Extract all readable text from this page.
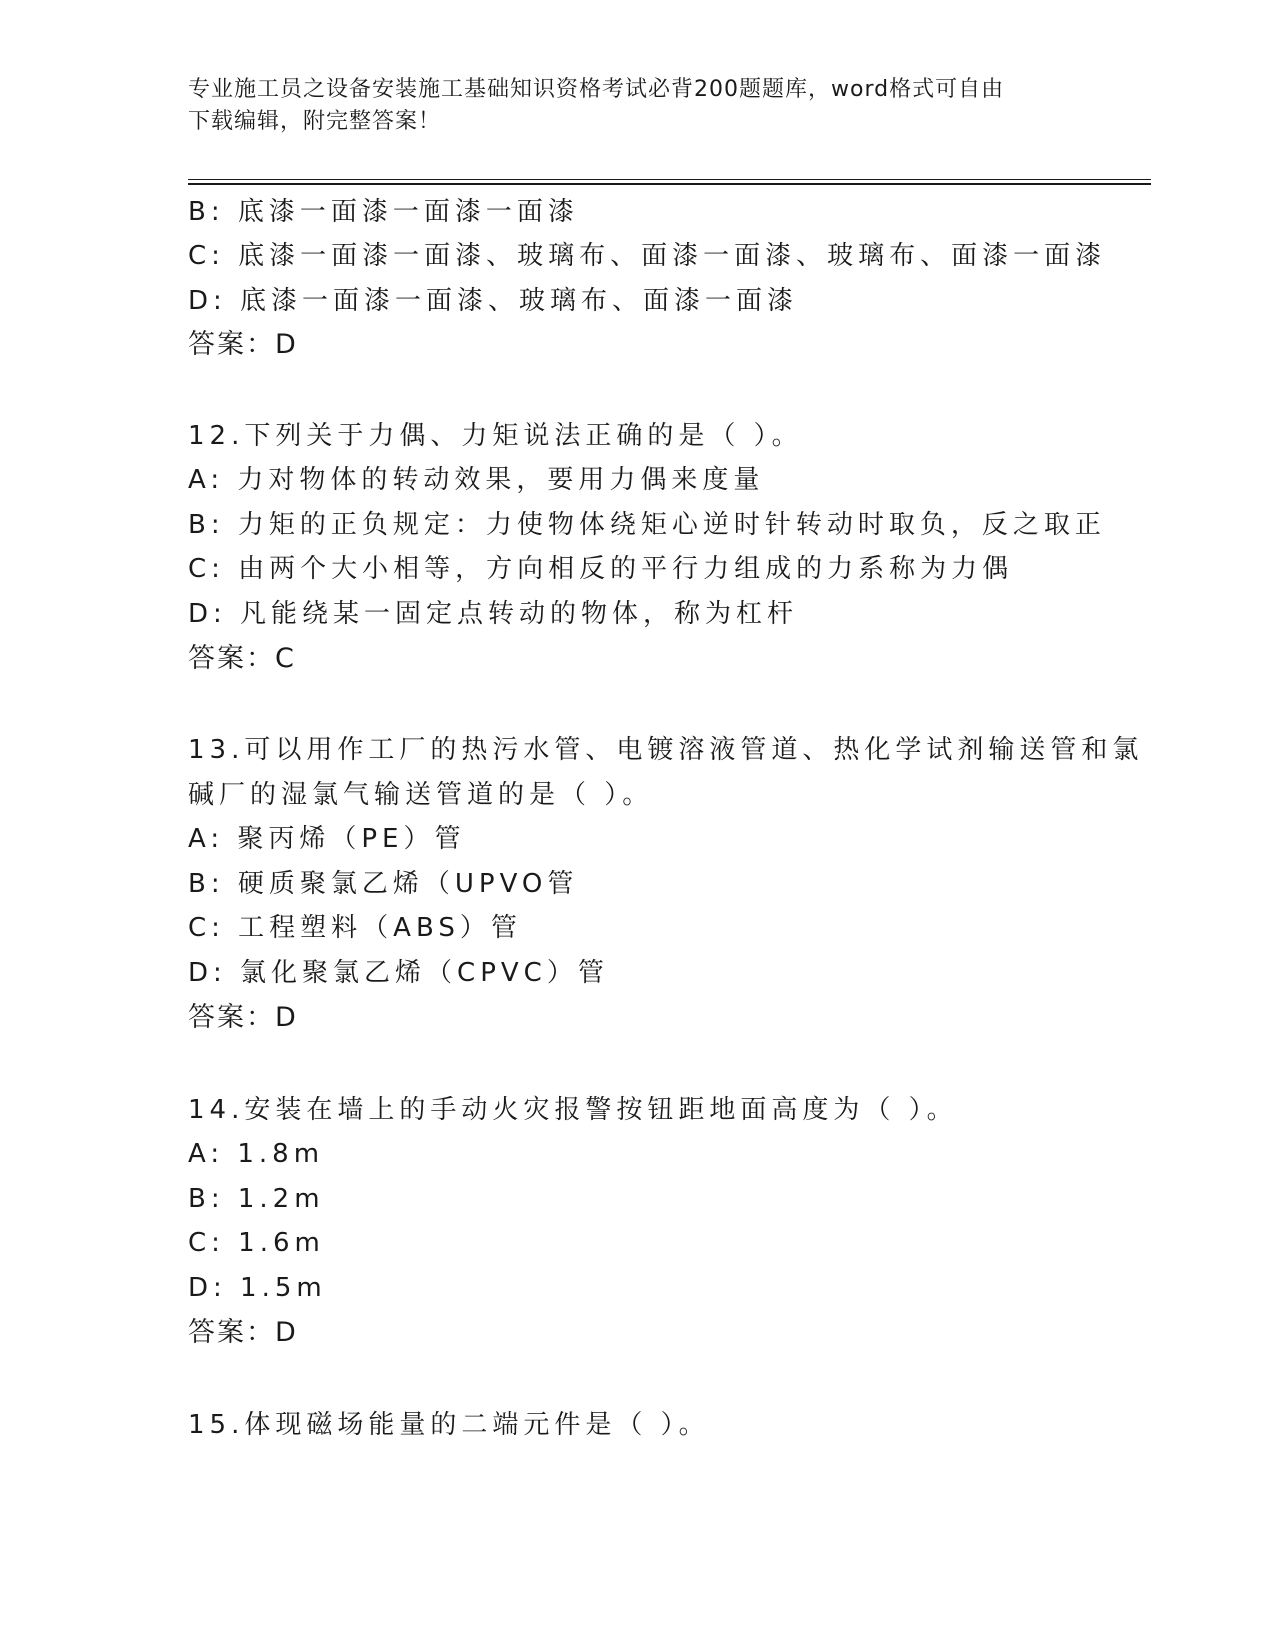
专业施工员之设备安装施工基础知识资格考试必背200题题库，word格式可自由
下载编辑，附完整答案！
B: 底漆一面漆一面漆一面漆
C: 底漆一面漆一面漆、玻璃布、面漆一面漆、玻璃布、面漆一面漆
D: 底漆一面漆一面漆、玻璃布、面漆一面漆
答案：D
12.下列关于力偶、力矩说法正确的是（ ）。
A: 力对物体的转动效果，要用力偶来度量
B: 力矩的正负规定：力使物体绕矩心逆时针转动时取负，反之取正
C: 由两个大小相等，方向相反的平行力组成的力系称为力偶
D: 凡能绕某一固定点转动的物体，称为杠杆
答案：C
13.可以用作工厂的热污水管、电镀溶液管道、热化学试剂输送管和氯
碱厂的湿氯气输送管道的是（ ）。
A: 聚丙烯（PE）管
B: 硬质聚氯乙烯（UPVO管
C: 工程塑料（ABS）管
D: 氯化聚氯乙烯（CPVC）管
答案：D
14.安装在墙上的手动火灾报警按钮距地面高度为（ ）。
A: 1.8m
B: 1.2m
C: 1.6m
D: 1.5m
答案：D
15.体现磁场能量的二端元件是（ ）。
